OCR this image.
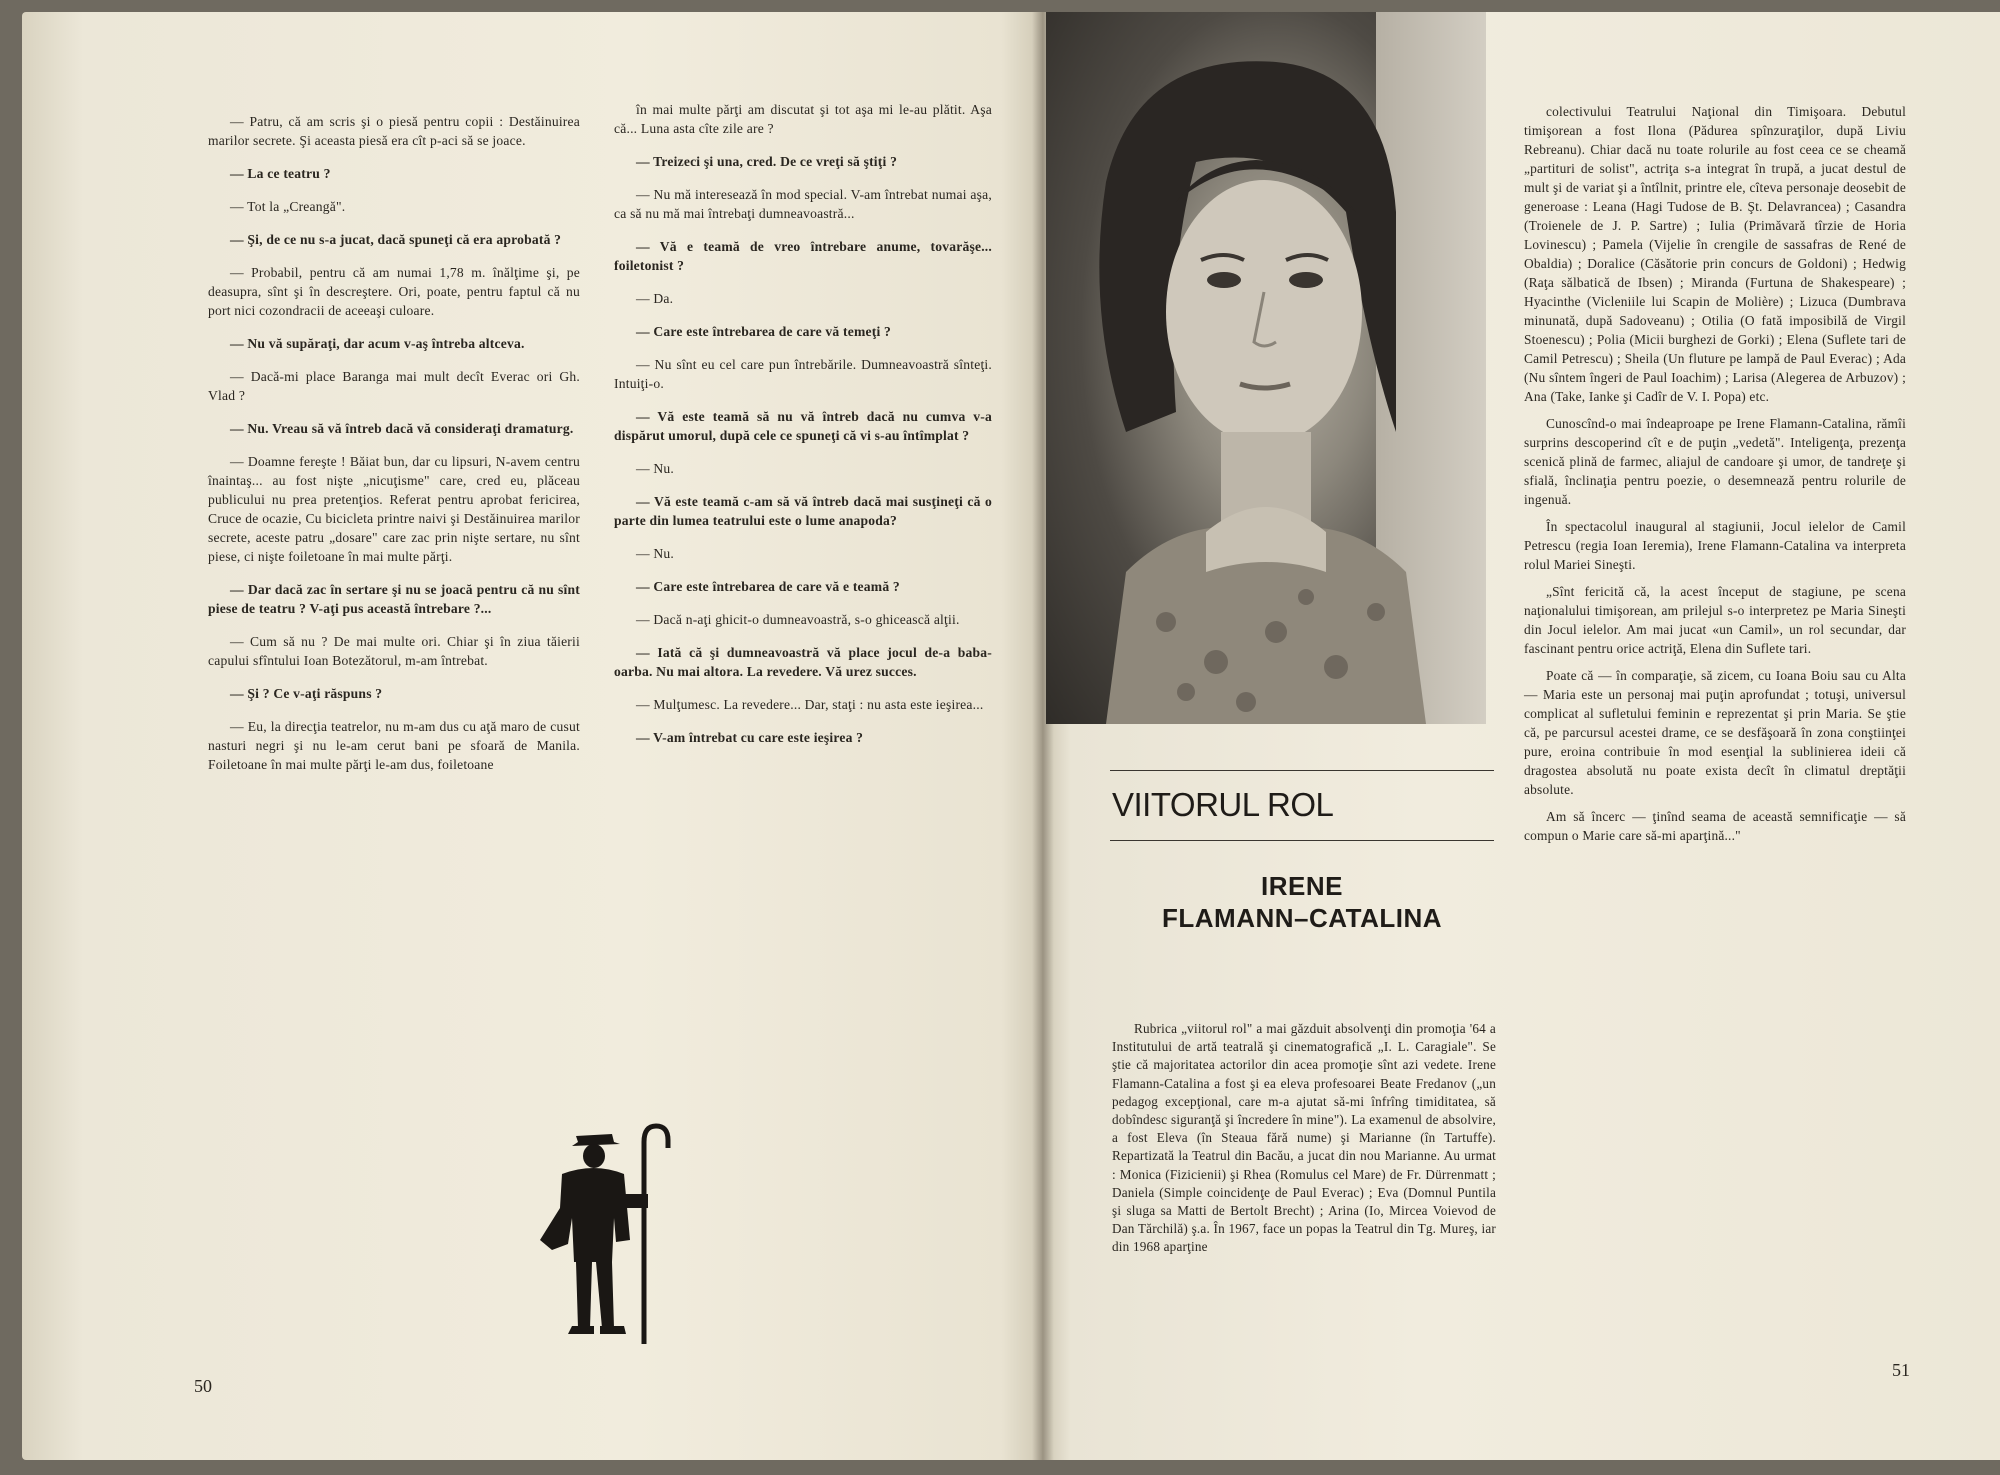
— Patru, că am scris şi o piesă pentru copii : Destăinuirea marilor secrete. Şi aceasta piesă era cît p-aci să se joace.

— La ce teatru ?

— Tot la „Creangă".

— Şi, de ce nu s-a jucat, dacă spuneţi că era aprobată ?

— Probabil, pentru că am numai 1,78 m. înălţime şi, pe deasupra, sînt şi în descreştere. Ori, poate, pentru faptul că nu port nici cozondracii de aceeaşi culoare.

— Nu vă supăraţi, dar acum v-aş întreba altceva.

— Dacă-mi place Baranga mai mult decît Everac ori Gh. Vlad ?

— Nu. Vreau să vă întreb dacă vă consideraţi dramaturg.

— Doamne fereşte ! Băiat bun, dar cu lipsuri, N-avem centru înaintaş... au fost nişte „nicuţisme" care, cred eu, plăceau publicului nu prea pretenţios. Referat pentru aprobat fericirea, Cruce de ocazie, Cu bicicleta printre naivi şi Destăinuirea marilor secrete, aceste patru „dosare" care zac prin nişte sertare, nu sînt piese, ci nişte foiletoane în mai multe părţi.

— Dar dacă zac în sertare şi nu se joacă pentru că nu sînt piese de teatru ? V-aţi pus această întrebare ?...

— Cum să nu ? De mai multe ori. Chiar şi în ziua tăierii capului sfîntului Ioan Botezătorul, m-am întrebat.

— Şi ? Ce v-aţi răspuns ?

— Eu, la direcţia teatrelor, nu m-am dus cu aţă maro de cusut nasturi negri şi nu le-am cerut bani pe sfoară de Manila. Foiletoane în mai multe părţi le-am dus, foiletoane

în mai multe părţi am discutat şi tot aşa mi le-au plătit. Aşa că... Luna asta cîte zile are ?

— Treizeci şi una, cred. De ce vreţi să ştiţi ?

— Nu mă interesează în mod special. V-am întrebat numai aşa, ca să nu mă mai întrebaţi dumneavoastră...

— Vă e teamă de vreo întrebare anume, tovarăşe... foiletonist ?

— Da.

— Care este întrebarea de care vă temeţi ?

— Nu sînt eu cel care pun întrebările. Dumneavoastră sînteţi. Intuiţi-o.

— Vă este teamă să nu vă întreb dacă nu cumva v-a dispărut umorul, după cele ce spuneţi că vi s-au întîmplat ?

— Nu.

— Vă este teamă c-am să vă întreb dacă mai susţineţi că o parte din lumea teatrului este o lume anapoda?

— Nu.

— Care este întrebarea de care vă e teamă ?

— Dacă n-aţi ghicit-o dumneavoastră, s-o ghicească alţii.

— Iată că şi dumneavoastră vă place jocul de-a baba-oarba. Nu mai altora. La revedere. Vă urez succes.

— Mulţumesc. La revedere... Dar, staţi : nu asta este ieşirea...

— V-am întrebat cu care este ieşirea ?

50
VIITORUL ROL
IRENE
FLAMANN–CATALINA

Rubrica „viitorul rol" a mai găzduit absolvenţi din promoţia '64 a Institutului de artă teatrală şi cinematografică „I. L. Caragiale". Se ştie că majoritatea actorilor din acea promoţie sînt azi vedete. Irene Flamann-Catalina a fost şi ea eleva profesoarei Beate Fredanov („un pedagog excepţional, care m-a ajutat să-mi înfrîng timiditatea, să dobîndesc siguranţă şi încredere în mine"). La examenul de absolvire, a fost Eleva (în Steaua fără nume) şi Marianne (în Tartuffe). Repartizată la Teatrul din Bacău, a jucat din nou Marianne. Au urmat : Monica (Fizicienii) şi Rhea (Romulus cel Mare) de Fr. Dürrenmatt ; Daniela (Simple coincidenţe de Paul Everac) ; Eva (Domnul Puntila şi sluga sa Matti de Bertolt Brecht) ; Arina (Io, Mircea Voievod de Dan Tărchilă) ş.a. În 1967, face un popas la Teatrul din Tg. Mureş, iar din 1968 aparţine

colectivului Teatrului Naţional din Timişoara. Debutul timişorean a fost Ilona (Pădurea spînzuraţilor, după Liviu Rebreanu). Chiar dacă nu toate rolurile au fost ceea ce se cheamă „partituri de solist", actriţa s-a integrat în trupă, a jucat destul de mult şi de variat şi a întîlnit, printre ele, cîteva personaje deosebit de generoase : Leana (Hagi Tudose de B. Şt. Delavrancea) ; Casandra (Troienele de J. P. Sartre) ; Iulia (Primăvară tîrzie de Horia Lovinescu) ; Pamela (Vijelie în crengile de sassafras de René de Obaldia) ; Doralice (Căsătorie prin concurs de Goldoni) ; Hedwig (Raţa sălbatică de Ibsen) ; Miranda (Furtuna de Shakespeare) ; Hyacinthe (Vicleniile lui Scapin de Molière) ; Lizuca (Dumbrava minunată, după Sadoveanu) ; Otilia (O fată imposibilă de Virgil Stoenescu) ; Polia (Micii burghezi de Gorki) ; Elena (Suflete tari de Camil Petrescu) ; Sheila (Un fluture pe lampă de Paul Everac) ; Ada (Nu sîntem îngeri de Paul Ioachim) ; Larisa (Alegerea de Arbuzov) ; Ana (Take, Ianke şi Cadîr de V. I. Popa) etc.

Cunoscînd-o mai îndeaproape pe Irene Flamann-Catalina, rămîi surprins descoperind cît e de puţin „vedetă". Inteligenţa, prezenţa scenică plină de farmec, aliajul de candoare şi umor, de tandreţe şi sfială, înclinaţia pentru poezie, o desemnează pentru rolurile de ingenuă.

În spectacolul inaugural al stagiunii, Jocul ielelor de Camil Petrescu (regia Ioan Ieremia), Irene Flamann-Catalina va interpreta rolul Mariei Sineşti.

„Sînt fericită că, la acest început de stagiune, pe scena naţionalului timişorean, am prilejul s-o interpretez pe Maria Sineşti din Jocul ielelor. Am mai jucat «un Camil», un rol secundar, dar fascinant pentru orice actriţă, Elena din Suflete tari.

Poate că — în comparaţie, să zicem, cu Ioana Boiu sau cu Alta — Maria este un personaj mai puţin aprofundat ; totuşi, universul complicat al sufletului feminin e reprezentat şi prin Maria. Se ştie că, pe parcursul acestei drame, ce se desfăşoară în zona conştiinţei pure, eroina contribuie în mod esenţial la sublinierea ideii că dragostea absolută nu poate exista decît în climatul dreptăţii absolute.

Am să încerc — ţinînd seama de această semnificaţie — să compun o Marie care să-mi aparţină..."

51
